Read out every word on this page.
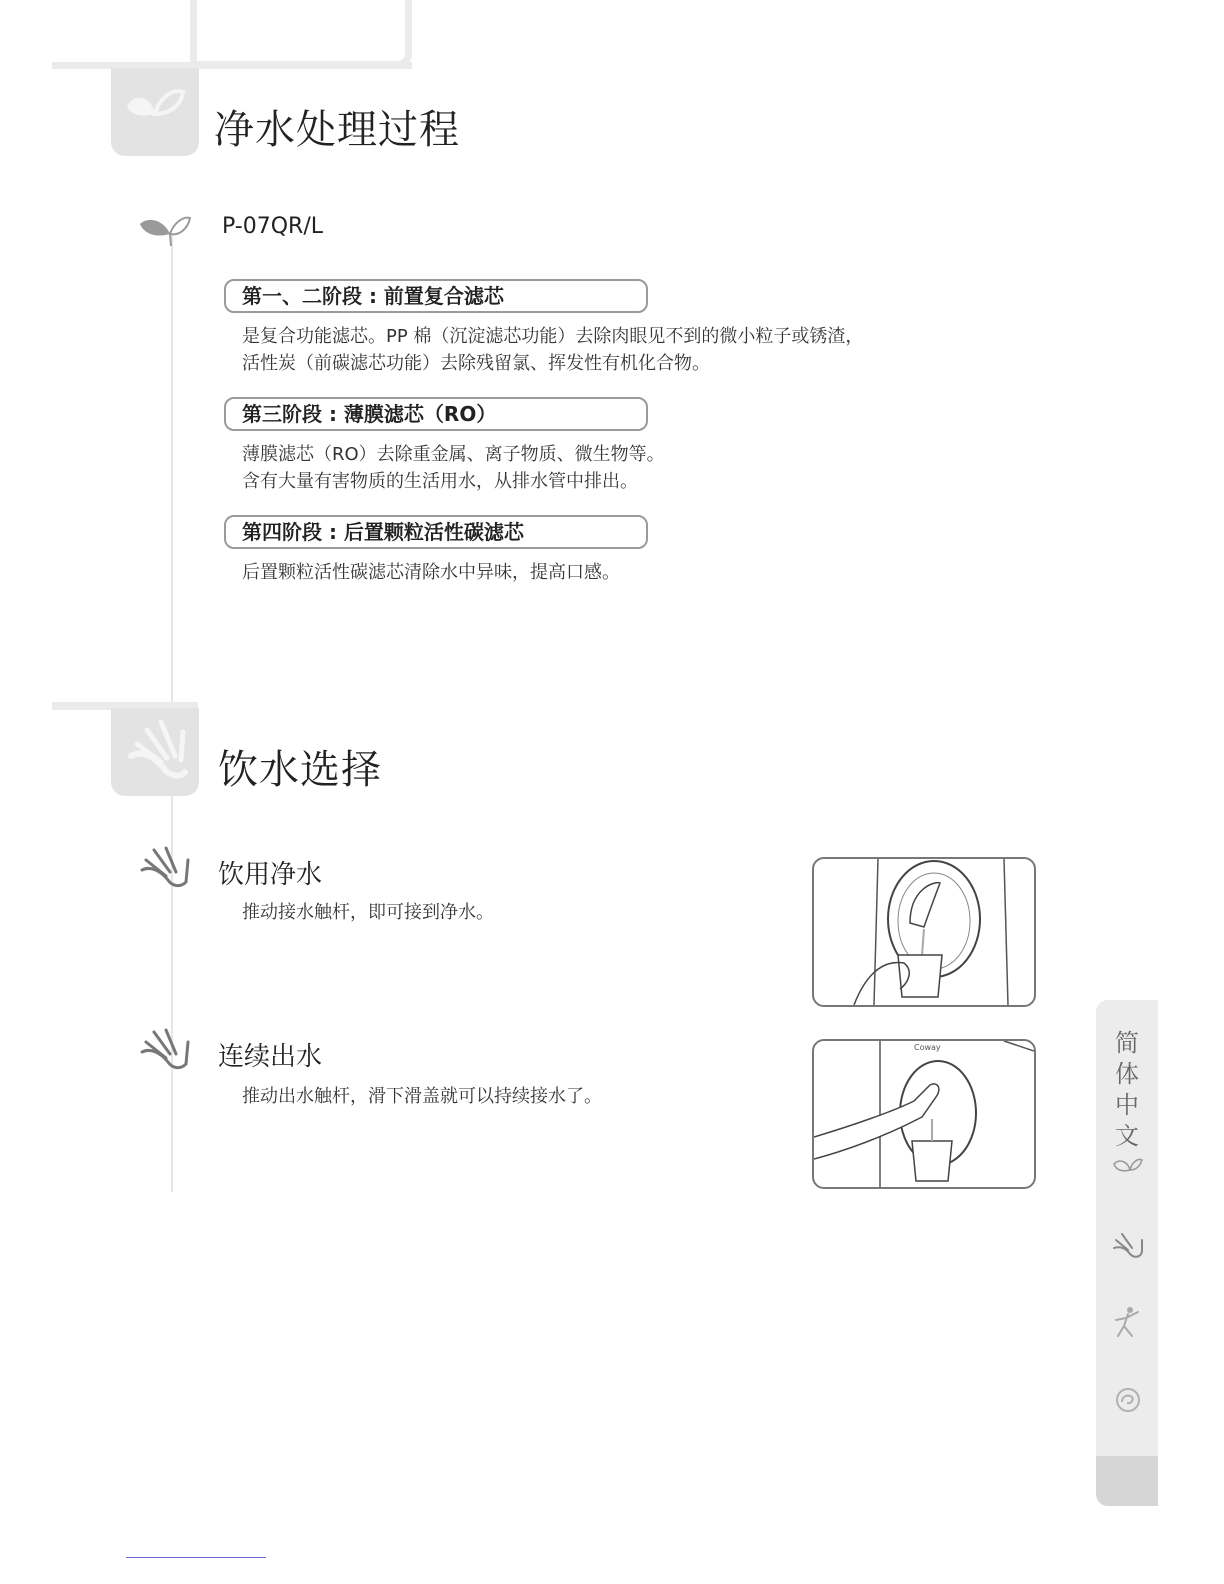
净水处理过程
P-07QR/L
第一、二阶段 : 前置复合滤芯
是复合功能滤芯。PP 棉（沉淀滤芯功能）去除肉眼见不到的微小粒子或锈渣，
活性炭（前碳滤芯功能）去除残留氯、挥发性有机化合物。
第三阶段 : 薄膜滤芯（RO）
薄膜滤芯（RO）去除重金属、离子物质、微生物等。
含有大量有害物质的生活用水，从排水管中排出。
第四阶段 : 后置颗粒活性碳滤芯
后置颗粒活性碳滤芯清除水中异味，提高口感。
饮水选择
饮用净水
推动接水触杆，即可接到净水。
连续出水
推动出水触杆，滑下滑盖就可以持续接水了。
Coway	简体中文
